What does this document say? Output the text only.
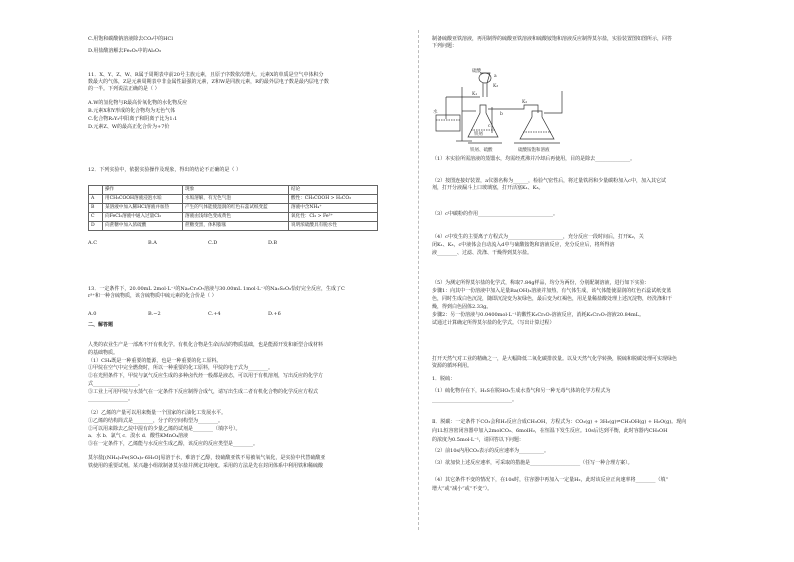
C.用饱和碳酸钠溶液除去CO₂中的HCl
D.用盐酸溶解去Fe₂O₃中的Al₂O₃
11．X、Y、Z、W、R属于周期表中前20号主族元素，且原子序数依次增大。元素X的单质是空气中体积分
数最大的气体，Z是元素周期表中非金属性最强的元素，Z和W是同族元素，R的最外层电子数是最内层电子数
的一半。下列说法正确的是（ ）
A.W的氢化物与R最高价氧化物的水化物反应
B.元素X和Y形成的化合物均为无色气体
C.化合物R₂Y₂中阳离子和阴离子比为1:1
D.元素Z、W的最高正化合价为+7价
12．下列实验中，依据实验操作及现象，得出的结论不正确的是（ ）
	操作	现象	结论
A	用CH₃COOH溶液浸泡水垢	水垢溶解，有无色气泡	酸性：CH₃COOH > H₂CO₃
B	某溶液中加入稀HCl溶液并加热	产生的气体能使湿润的红色石蕊试纸变蓝	溶液中含NH₄⁺
C	向FeCl₂溶液中通入过量Cl₂	溶液由浅绿色变成黄色	氧化性：Cl₂ > Fe³⁺
D	向蔗糖中加入浓硫酸	蔗糖变黑，体积膨胀	说明浓硫酸具有脱水性
A.C	B.A	C.D	D.B
13．一定条件下，20.00mL 2mol·L⁻¹的Na₂Cr₂O₇溶液与30.00mL 1mol·L⁻¹的Na₂S₂O₃恰好完全反应，生成了C
r³⁺和一种含硫物质，该含硫物质中硫元素的化合价是（ ）
A.0	B.−2	C.+4	D.+6
二、解答题
人类的农业生产是一部离不开有机化学。有机化合物是生命活动的物质基础，也是能源开发和新型合成材料
的基础物质。
（1）CH₄既是一种重要的能源，也是一种重要的化工原料。
①甲烷在空气中完全燃烧时，所以一种重要的化工原料，甲烷的电子式为________。
②在光照条件下，甲烷与氯气反应生成的多种卤代烃一般都是液态，可以用于有机溶剂，写出反应的化学方
式__________________。
③工业上可用甲烷与水蒸气在一定条件下反应制得合成气，请写出生成二者有机化合物的化学反应方程式
________________。
（2）乙烯的产量可以用来衡量一个国家的石油化工发展水平。
①乙烯的结构简式是________，分子的空间构型为________。
②可以用来除去乙烷中混有的少量乙烯的试剂是________（填序号）。
a．水 b．氯气 c．溴水 d．酸性KMnO₄溶液
③在一定条件下，乙烯能与水反应生成乙醇，该反应的反应类型是________。
莫尔盐[(NH₄)₂Fe(SO₄)₂·6H₂O]易溶于水，难溶于乙醇，较硫酸亚铁不易被氧气氧化，是实验中代替硫酸亚
铁使用的重要试剂。某兴趣小组欲制备莫尔盐并测定其纯度。采用的方法是先在封闭体系中利用铁和稀硫酸
制备硫酸亚铁溶液，再用制得的硫酸亚铁溶液和硫酸铵饱和溶液反应制得莫尔盐，实验装置图如图所示，回答
下列问题：
硫酸
K₃
K₁
K₂
a
b
c
水
铁屑
铁屑、硫酸	硫酸铵饱和溶液
（1）本实验所需溶液的蒸馏水，均需经煮沸并冷却后再使用，目的是除去______________。
（2）按图连接好装置，a仪器名称为______，检验气密性后，将过量铁屑和少量碳粉加入c中，加入其它试
剂，打开分液漏斗上口玻璃塞，打开活塞K₁、K₃。
（3）c中碳粉的作用______________________________。
（4）c中发生的主要离子方程式为______________________，充分反应一段时间后，打开K₂，关
闭K₁、K₃，c中液体会自动流入d中与硫酸铵饱和溶液反应，充分反应后，将所得溶
液________、过滤、洗涤、干燥得到莫尔盐。
（5）为测定所得莫尔盐的化学式，称取7.84g样品，均分为两份，分别配制溶液，进行如下实验：
步骤1：向其中一份溶液中加入足量Ba(OH)₂溶液并加热，有气体生成，该气体能使湿润的红色石蕊试纸变蓝
色，同时生成白色沉淀，随即沉淀变为灰绿色，最后变为红褐色，用足量稀盐酸处理上述沉淀物，经洗涤和干
燥，得到白色固体2.33g。
步骤2：另一份溶液与0.0400mol·L⁻¹的酸性K₂Cr₂O₇溶液反应，消耗K₂Cr₂O₇溶液20.84mL。
试通过计算确定所得莫尔盐的化学式。（写出计算过程）
打开天然气对工业的精确之一，是大幅降低二氧化碳排放量。以及天然气化学转换，脱硫和脱碳处理可实现绿色
资源的循环利用。
1．脱硫：
（1）硫化物存在下，H₂S在脱HO₂生成水蒸气和另一种无毒气体的化学方程式为
________________________________。
Ⅱ．脱碳：一定条件下CO₂会和H₂反应合成CH₃OH，方程式为：CO₂(g) + 3H₂(g)⇌CH₃OH(g) + H₂O(g)。现向
向1L恒容密闭容器中加入2molCO₂、6molH₂，在恒温下发生反应。10s后达到平衡，此时容器内CH₃OH
的浓度为0.5mol·L⁻¹，请回答以下问题：
（2）前10s内用CO₂表示的反应速率为__________。
（3）欲加快上述反应速率，可采取的措施是____________________（任写一种合理方案）。
（4）其它条件不变的情况下，在10s时，往容器中再加入一定量H₂，此时该反应正向速率将________（填“
增大”或“减小”或“不变”）。
